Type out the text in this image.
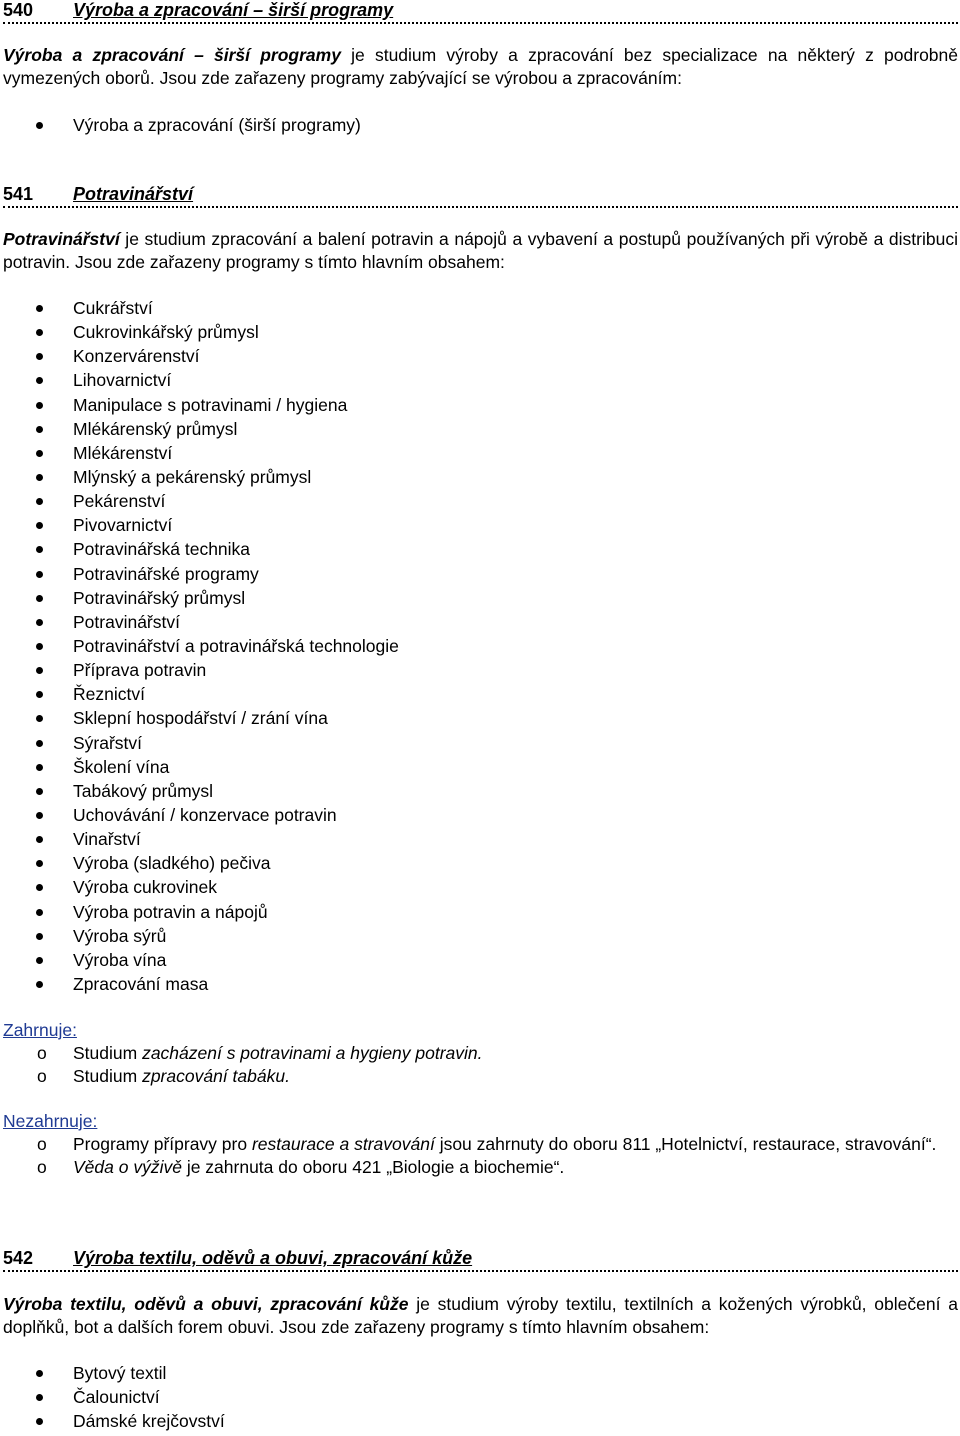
540 Výroba a zpracování – širší programy
Výroba a zpracování – širší programy je studium výroby a zpracování bez specializace na některý z podrobně vymezených oborů. Jsou zde zařazeny programy zabývající se výrobou a zpracováním:
Výroba a zpracování (širší programy)
541 Potravinářství
Potravinářství je studium zpracování a balení potravin a nápojů a vybavení a postupů používaných při výrobě a distribuci potravin. Jsou zde zařazeny programy s tímto hlavním obsahem:
Cukrářství
Cukrovinkářský průmysl
Konzervárenství
Lihovarnictví
Manipulace s potravinami / hygiena
Mlékárenský průmysl
Mlékárenství
Mlýnský a pekárenský průmysl
Pekárenství
Pivovarnictví
Potravinářská technika
Potravinářské programy
Potravinářský průmysl
Potravinářství
Potravinářství a potravinářská technologie
Příprava potravin
Řeznictví
Sklepní hospodářství / zrání vína
Sýrařství
Školení vína
Tabákový průmysl
Uchovávání / konzervace potravin
Vinařství
Výroba (sladkého) pečiva
Výroba cukrovinek
Výroba potravin a nápojů
Výroba sýrů
Výroba vína
Zpracování masa
Zahrnuje:
o Studium zacházení s potravinami a hygieny potravin.
o Studium zpracování tabáku.
Nezahrnuje:
o Programy přípravy pro restaurace a stravování jsou zahrnuty do oboru 811 „Hotelnictví, restaurace, stravování“.
o Věda o výživě je zahrnuta do oboru 421 „Biologie a biochemie“.
542 Výroba textilu, oděvů a obuvi, zpracování kůže
Výroba textilu, oděvů a obuvi, zpracování kůže je studium výroby textilu, textilních a kožených výrobků, oblečení a doplňků, bot a dalších forem obuvi. Jsou zde zařazeny programy s tímto hlavním obsahem:
Bytový textil
Čalounictví
Dámské krejčovství
